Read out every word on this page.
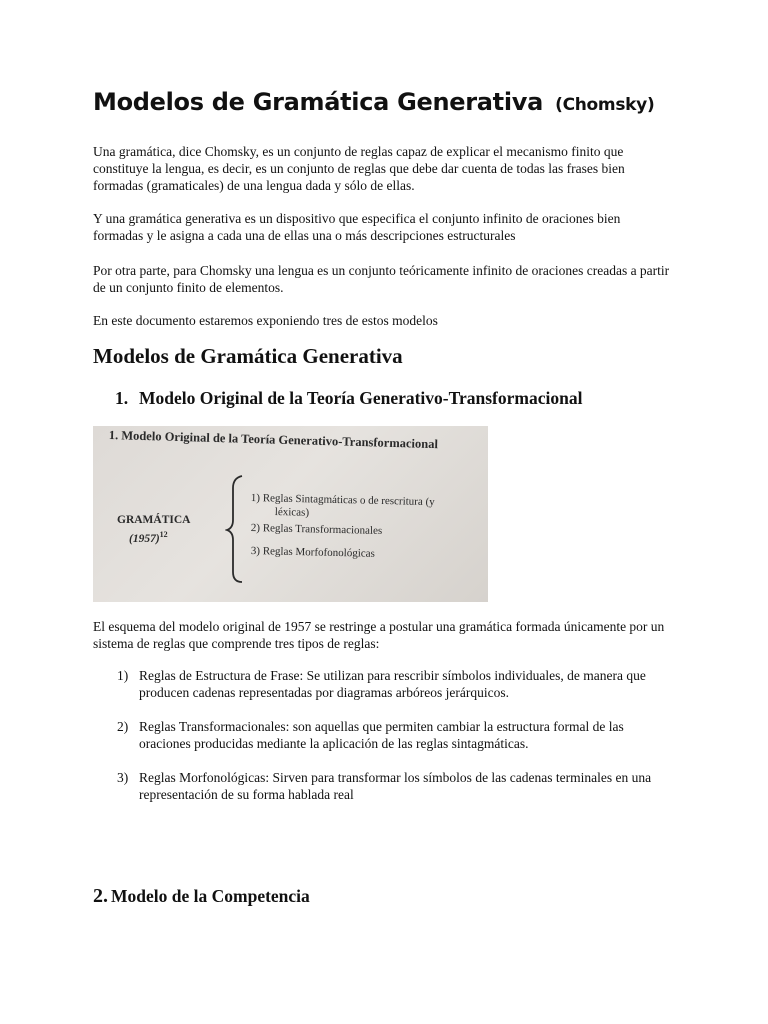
Modelos de Gramática Generativa (Chomsky)

Una gramática, dice Chomsky, es un conjunto de reglas capaz de explicar el mecanismo finito que constituye la lengua, es decir, es un conjunto de reglas que debe dar cuenta de todas las frases bien formadas (gramaticales) de una lengua dada y sólo de ellas.

Y una gramática generativa es un dispositivo que especifica el conjunto infinito de oraciones bien formadas y le asigna a cada una de ellas una o más descripciones estructurales

Por otra parte, para Chomsky una lengua es un conjunto teóricamente infinito de oraciones creadas a partir de un conjunto finito de elementos.

En este documento estaremos exponiendo tres de estos modelos

Modelos de Gramática Generativa
1. Modelo Original de la Teoría Generativo-Transformacional
1. Modelo Original de la Teoría Generativo-Transformacional
GRAMÁTICA
$(1957)^{12}$
1) Reglas Sintagmáticas o de rescritura (y
léxicas)
2) Reglas Transformacionales
3) Reglas Morfofonológicas

El esquema del modelo original de 1957 se restringe a postular una gramática formada únicamente por un sistema de reglas que comprende tres tipos de reglas:

1) Reglas de Estructura de Frase: Se utilizan para rescribir símbolos individuales, de manera que producen cadenas representadas por diagramas arbóreos jerárquicos.
2) Reglas Transformacionales: son aquellas que permiten cambiar la estructura formal de las oraciones producidas mediante la aplicación de las reglas sintagmáticas.
3) Reglas Morfonológicas: Sirven para transformar los símbolos de las cadenas terminales en una representación de su forma hablada real
2. Modelo de la Competencia
